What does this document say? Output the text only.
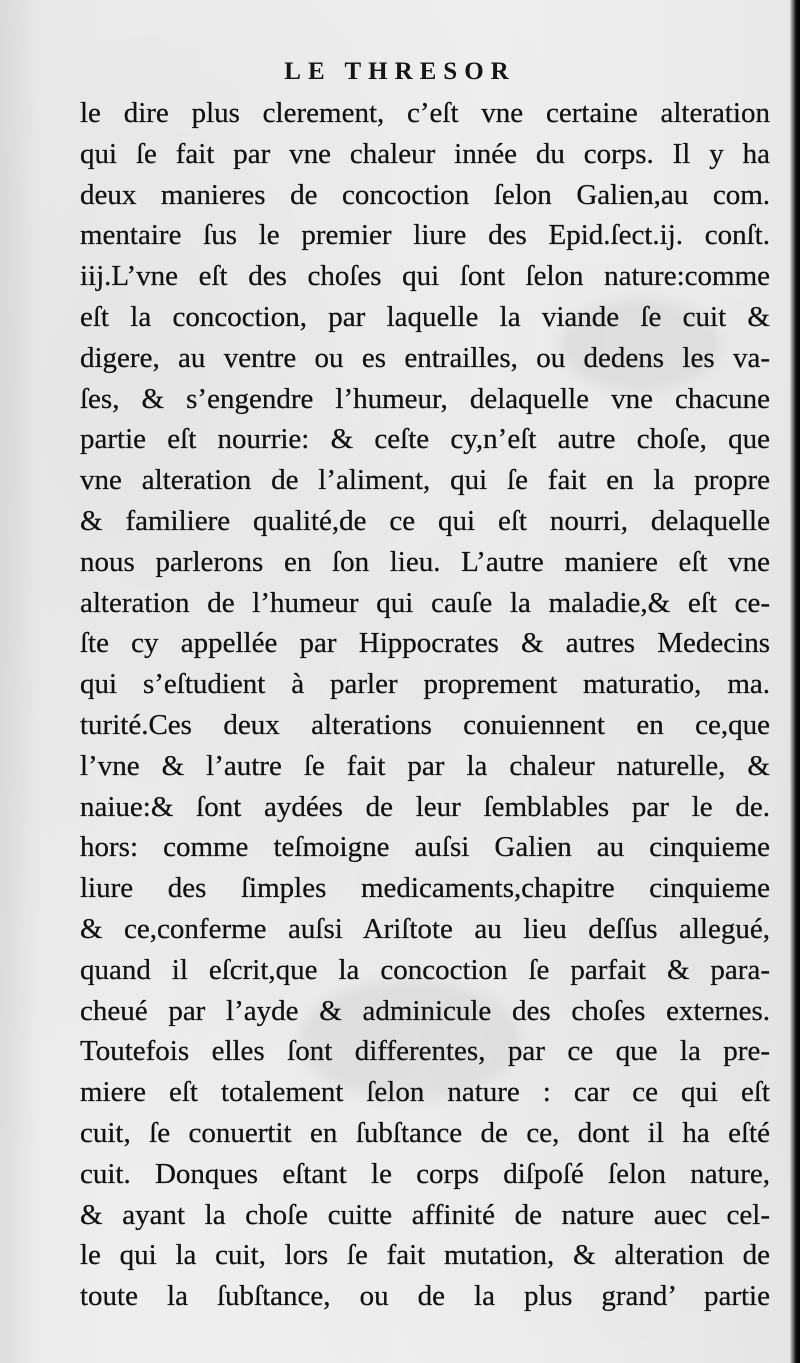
LE THRESOR
le dire plus clerement, c’eſt vne certaine alteration
qui ſe fait par vne chaleur innée du corps. Il y ha
deux manieres de concoction ſelon Galien,au com.
mentaire ſus le premier liure des Epid.ſect.ij. conſt.
iij.L’vne eſt des choſes qui ſont ſelon nature:comme
eſt la concoction, par laquelle la viande ſe cuit &
digere, au ventre ou es entrailles, ou dedens les va-
ſes, & s’engendre l’humeur, delaquelle vne chacune
partie eſt nourrie: & ceſte cy,n’eſt autre choſe, que
vne alteration de l’aliment, qui ſe fait en la propre
& familiere qualité,de ce qui eſt nourri, delaquelle
nous parlerons en ſon lieu. L’autre maniere eſt vne
alteration de l’humeur qui cauſe la maladie,& eſt ce-
ſte cy appellée par Hippocrates & autres Medecins
qui s’eſtudient à parler proprement maturatio, ma.
turité.Ces deux alterations conuiennent en ce,que
l’vne & l’autre ſe fait par la chaleur naturelle, &
naiue:& ſont aydées de leur ſemblables par le de.
hors: comme teſmoigne auſsi Galien au cinquieme
liure des ſimples medicaments,chapitre cinquieme
& ce,conferme auſsi Ariſtote au lieu deſſus allegué,
quand il eſcrit,que la concoction ſe parfait & para-
cheué par l’ayde & adminicule des choſes externes.
Toutefois elles ſont differentes, par ce que la pre-
miere eſt totalement ſelon nature : car ce qui eſt
cuit, ſe conuertit en ſubſtance de ce, dont il ha eſté
cuit. Donques eſtant le corps diſpoſé ſelon nature,
& ayant la choſe cuitte affinité de nature auec cel-
le qui la cuit, lors ſe fait mutation, & alteration de
toute la ſubſtance, ou de la plus grand’ partie
